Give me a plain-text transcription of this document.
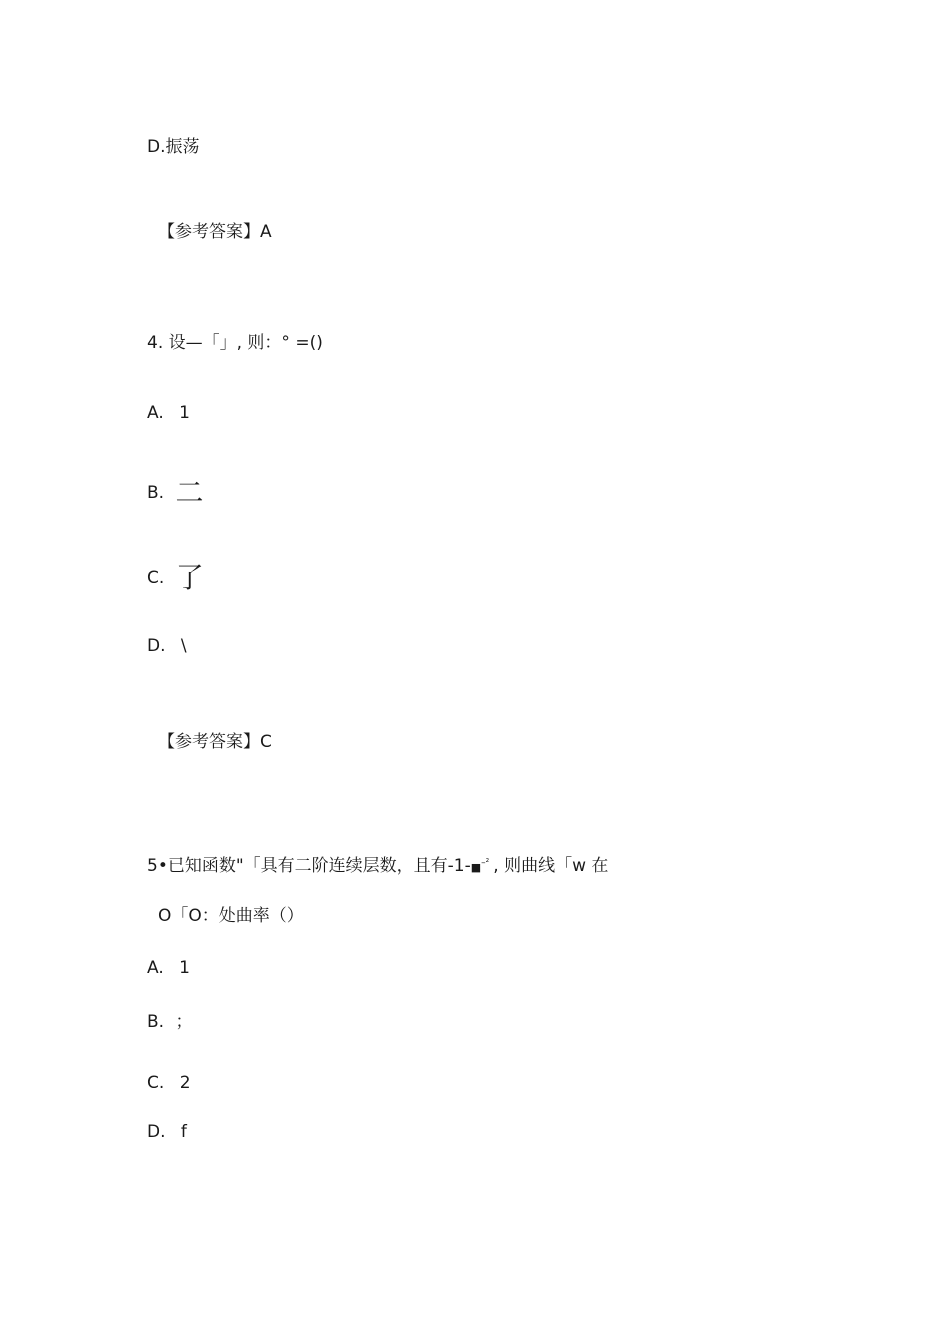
D.振荡
【参考答案】A
4. 设—「」, 则：° =()
A. 1
B. 二
C. 了
D. \
【参考答案】C
5•已知函数"「具有二阶连续层数，且有-1-■$^{-^2}$ , 则曲线「w 在
O「O：处曲率（）
A. 1
B. ；
C. 2
D. f
